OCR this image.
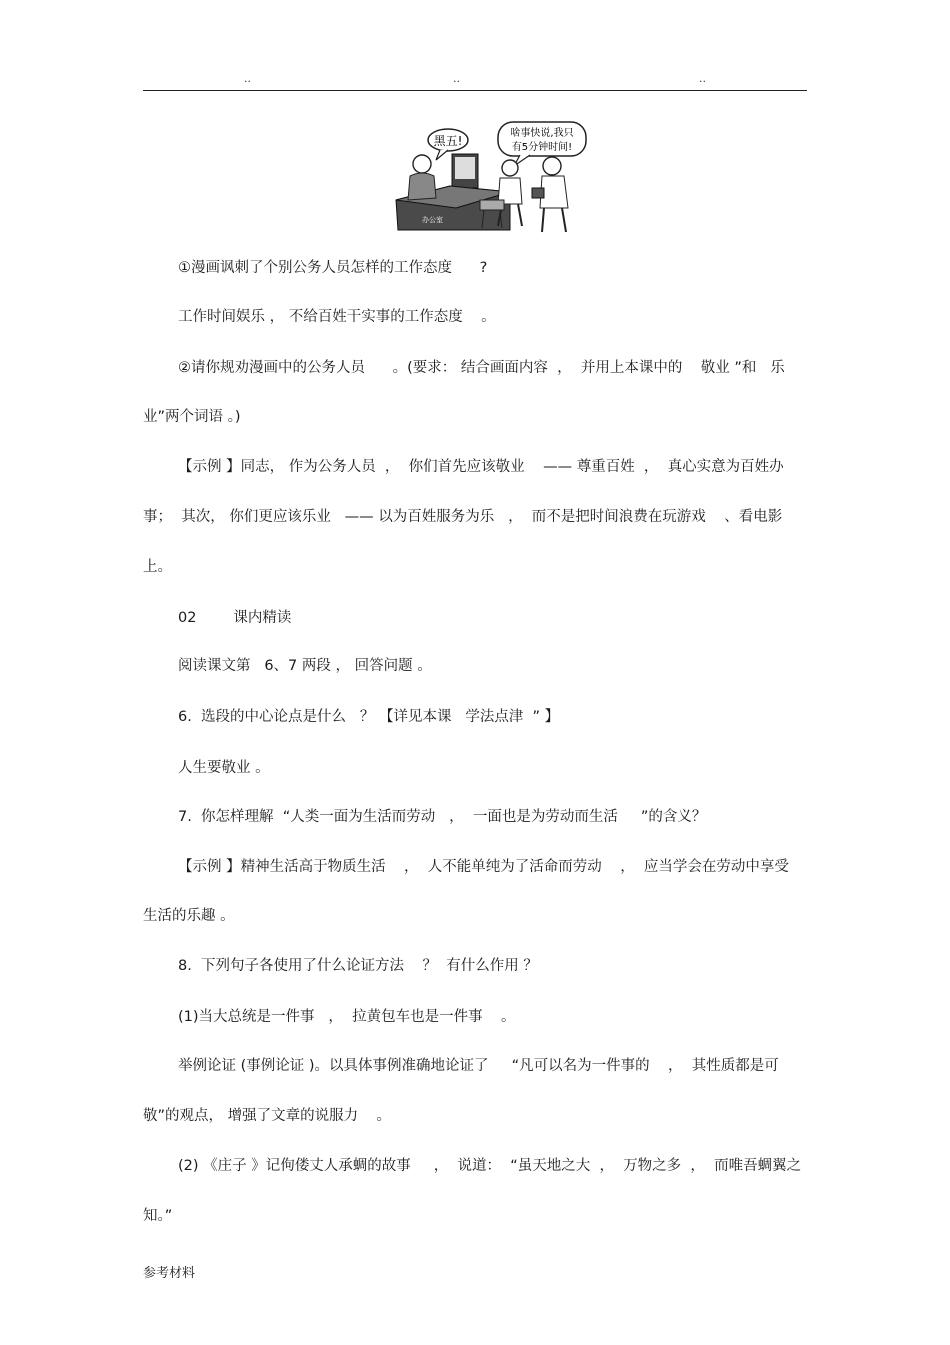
..	..	..
黑五!
啥事快说,我只
有5分钟时间!
办公室
①漫画讽刺了个别公务人员怎样的工作态度      ?
工作时间娱乐 ， 不给百姓干实事的工作态度    。
②请你规劝漫画中的公务人员      。(要求： 结合画面内容  ，  并用上本课中的    敬业 ”和   乐
业”两个词语 。)
【示例 】同志， 作为公务人员  ，  你们首先应该敬业    —— 尊重百姓  ，  真心实意为百姓办
事；  其次， 你们更应该乐业   —— 以为百姓服务为乐   ，  而不是把时间浪费在玩游戏    、看电影
上。
02        课内精读
阅读课文第   6、7 两段 ， 回答问题 。
6.  选段的中心论点是什么   ？ 【详见本课   学法点津  ” 】
人生要敬业 。
7.  你怎样理解  “人类一面为生活而劳动   ，  一面也是为劳动而生活     ”的含义？
【示例 】精神生活高于物质生活    ，  人不能单纯为了活命而劳动    ，  应当学会在劳动中享受
生活的乐趣 。
8.  下列句子各使用了什么论证方法    ？  有什么作用 ？
(1)当大总统是一件事   ，  拉黄包车也是一件事    。
举例论证 (事例论证 )。以具体事例准确地论证了     “凡可以名为一件事的    ，  其性质都是可
敬”的观点， 增强了文章的说服力    。
(2) 《庄子 》记佝偻丈人承蜩的故事     ，  说道：  “虽天地之大  ，  万物之多  ，  而唯吾蜩翼之
知。”
参考材料
